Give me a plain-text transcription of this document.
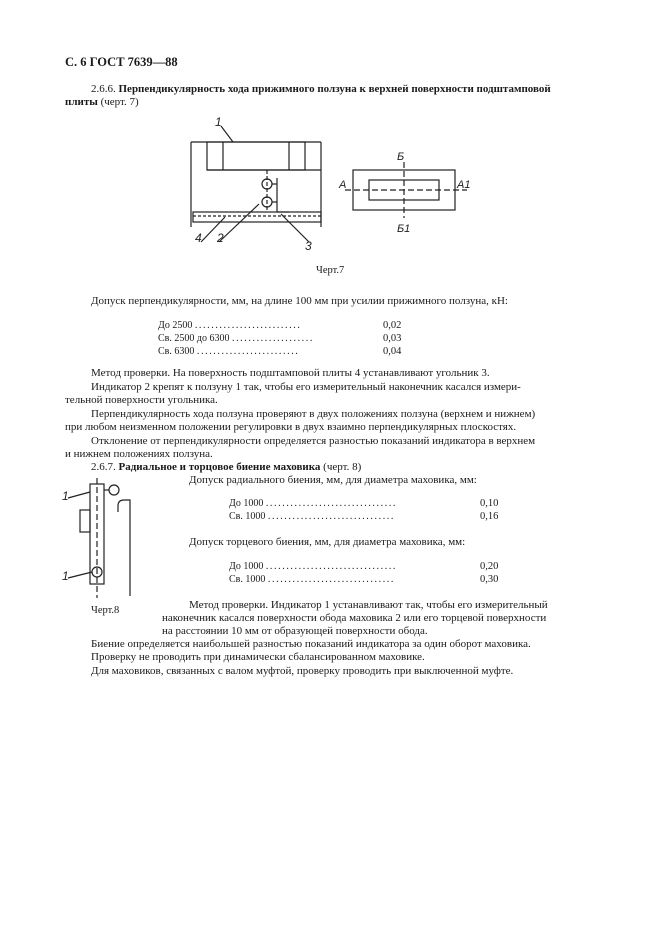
С. 6 ГОСТ 7639—88
2.6.6. Перпендикулярность хода прижимного ползуна к верхней поверхности подштамповой
плиты (черт. 7)
1
4 2
3
А	А1
Б
Б1
Черт.7
Допуск перпендикулярности, мм, на длине 100 мм при усилии прижимного ползуна, кН:
До 2500 ..........................	0,02
Св. 2500 до 6300 ....................	0,03
Св. 6300 .........................	0,04
Метод проверки. На поверхность подштамповой плиты 4 устанавливают угольник 3.
Индикатор 2 крепят к ползуну 1 так, чтобы его измерительный наконечник касался измери-
тельной поверхности угольника.
Перпендикулярность хода ползуна проверяют в двух положениях ползуна (верхнем и нижнем)
при любом неизменном положении регулировки в двух взаимно перпендикулярных плоскостях.
Отклонение от перпендикулярности определяется разностью показаний индикатора в верхнем
и нижнем положениях ползуна.
2.6.7. Радиальное и торцовое биение маховика (черт. 8)
1
1
Черт.8
Допуск радиального биения, мм, для диаметра маховика, мм:
До 1000 ................................	0,10
Св. 1000 ...............................	0,16
Допуск торцевого биения, мм, для диаметра маховика, мм:
До 1000 ................................	0,20
Св. 1000 ...............................	0,30
Метод проверки. Индикатор 1 устанавливают так, чтобы его измерительный
наконечник касался поверхности обода маховика 2 или его торцевой поверхности
на расстоянии 10 мм от образующей поверхности обода.
Биение определяется наибольшей разностью показаний индикатора за один оборот маховика.
Проверку не проводить при динамически сбалансированном маховике.
Для маховиков, связанных с валом муфтой, проверку проводить при выключенной муфте.
